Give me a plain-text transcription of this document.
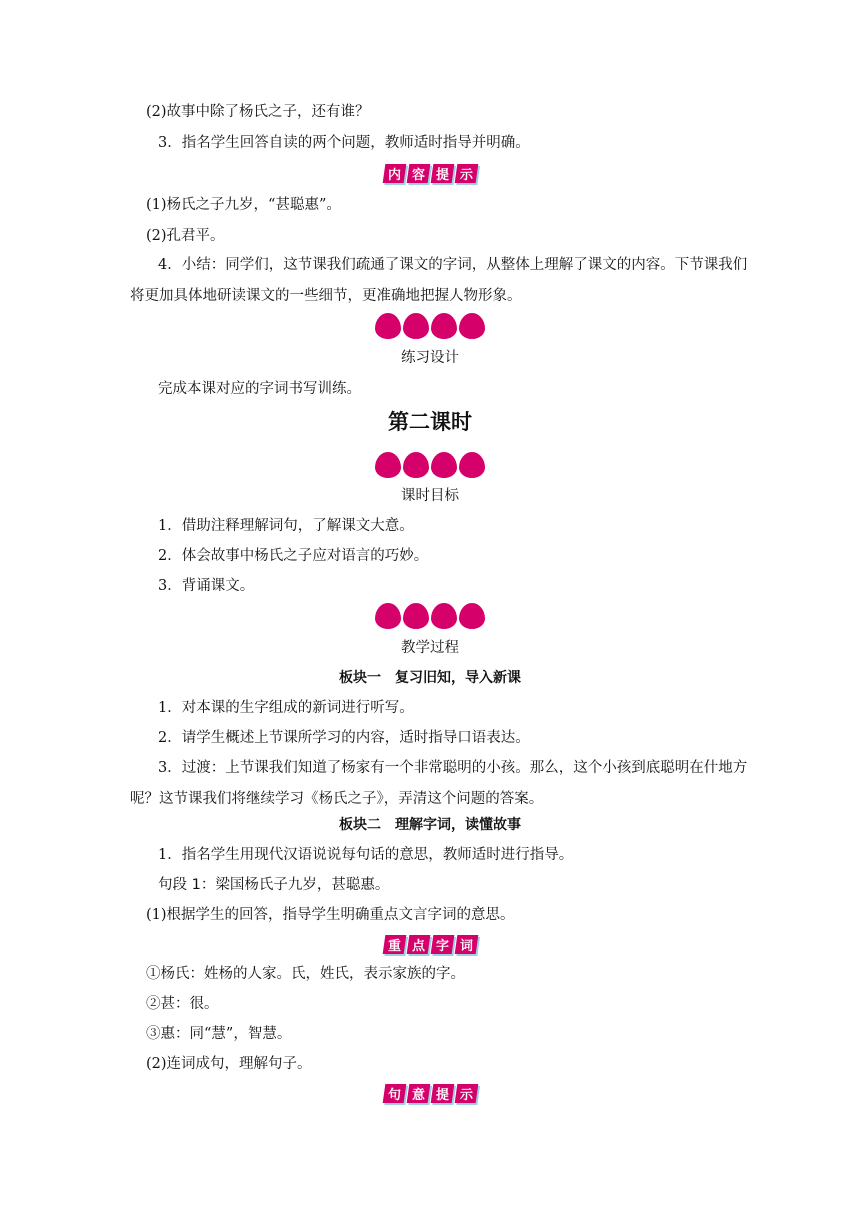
(2)故事中除了杨氏之子，还有谁？
3．指名学生回答自读的两个问题，教师适时指导并明确。
内 容 提 示
(1)杨氏之子九岁，“甚聪惠”。
(2)孔君平。
4．小结：同学们，这节课我们疏通了课文的字词，从整体上理解了课文的内容。下节课我们将更加具体地研读课文的一些细节，更准确地把握人物形象。
练习设计
完成本课对应的字词书写训练。
第二课时
课时目标
1．借助注释理解词句，了解课文大意。
2．体会故事中杨氏之子应对语言的巧妙。
3．背诵课文。
教学过程
板块一　复习旧知，导入新课
1．对本课的生字组成的新词进行听写。
2．请学生概述上节课所学习的内容，适时指导口语表达。
3．过渡：上节课我们知道了杨家有一个非常聪明的小孩。那么，这个小孩到底聪明在什地方呢？这节课我们将继续学习《杨氏之子》，弄清这个问题的答案。
板块二　理解字词，读懂故事
1．指名学生用现代汉语说说每句话的意思，教师适时进行指导。
句段 1：梁国杨氏子九岁，甚聪惠。
(1)根据学生的回答，指导学生明确重点文言字词的意思。
重 点 字 词
①杨氏：姓杨的人家。氏，姓氏，表示家族的字。
②甚：很。
③惠：同“慧”，智慧。
(2)连词成句，理解句子。
句 意 提 示
